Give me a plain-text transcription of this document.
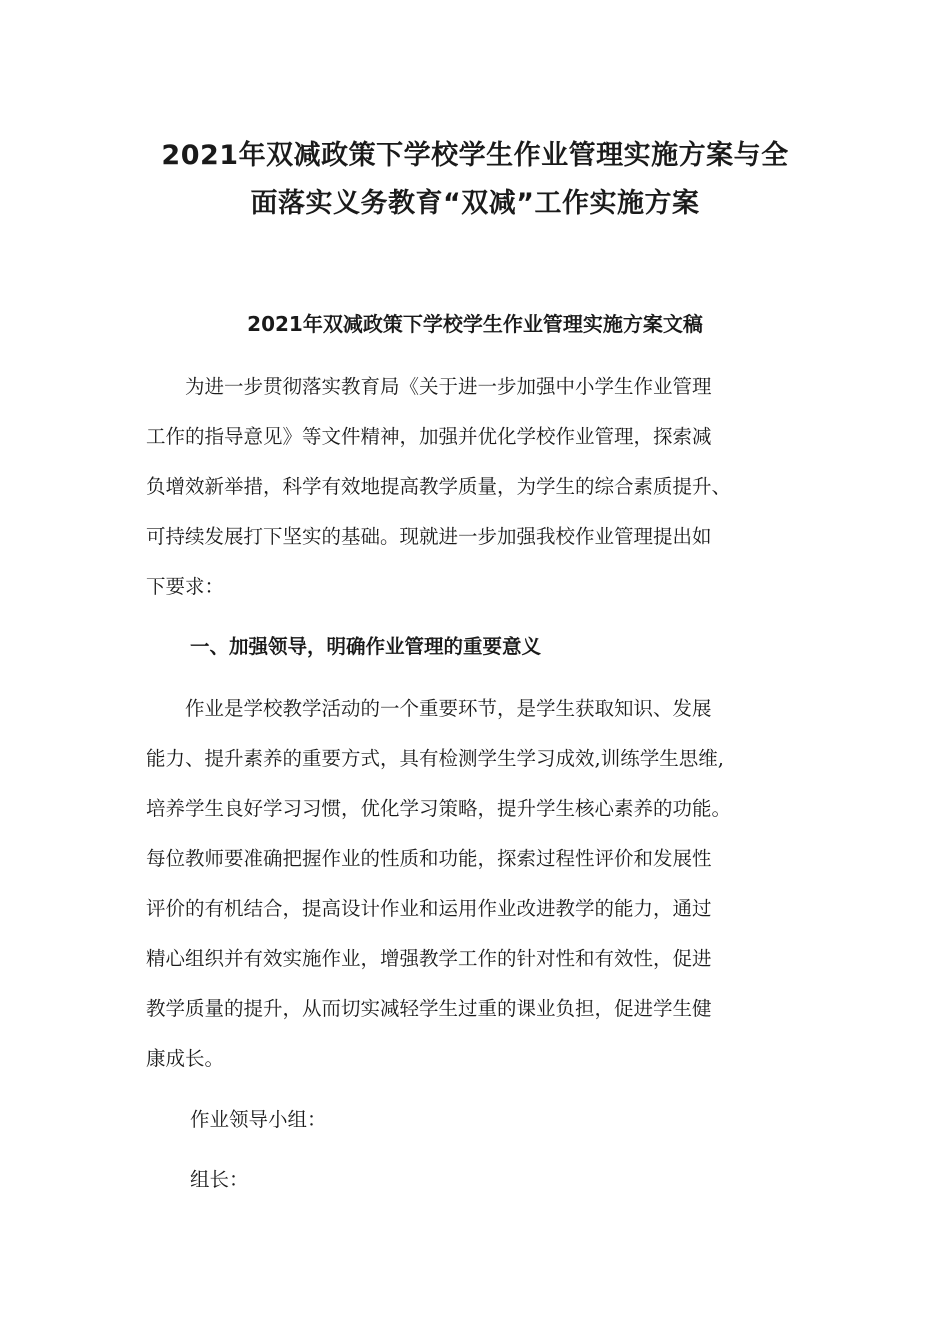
2021年双减政策下学校学生作业管理实施方案与全
面落实义务教育“双减”工作实施方案
2021年双减政策下学校学生作业管理实施方案文稿

　　为进一步贯彻落实教育局《关于进一步加强中小学生作业管理
工作的指导意见》等文件精神，加强并优化学校作业管理，探索减
负增效新举措，科学有效地提高教学质量，为学生的综合素质提升、
可持续发展打下坚实的基础。现就进一步加强我校作业管理提出如
下要求：

一、加强领导，明确作业管理的重要意义

　　作业是学校教学活动的一个重要环节，是学生获取知识、发展
能力、提升素养的重要方式，具有检测学生学习成效,训练学生思维,
培养学生良好学习习惯，优化学习策略，提升学生核心素养的功能。
每位教师要准确把握作业的性质和功能，探索过程性评价和发展性
评价的有机结合，提高设计作业和运用作业改进教学的能力，通过
精心组织并有效实施作业，增强教学工作的针对性和有效性，促进
教学质量的提升，从而切实减轻学生过重的课业负担，促进学生健
康成长。

作业领导小组：

组长：
